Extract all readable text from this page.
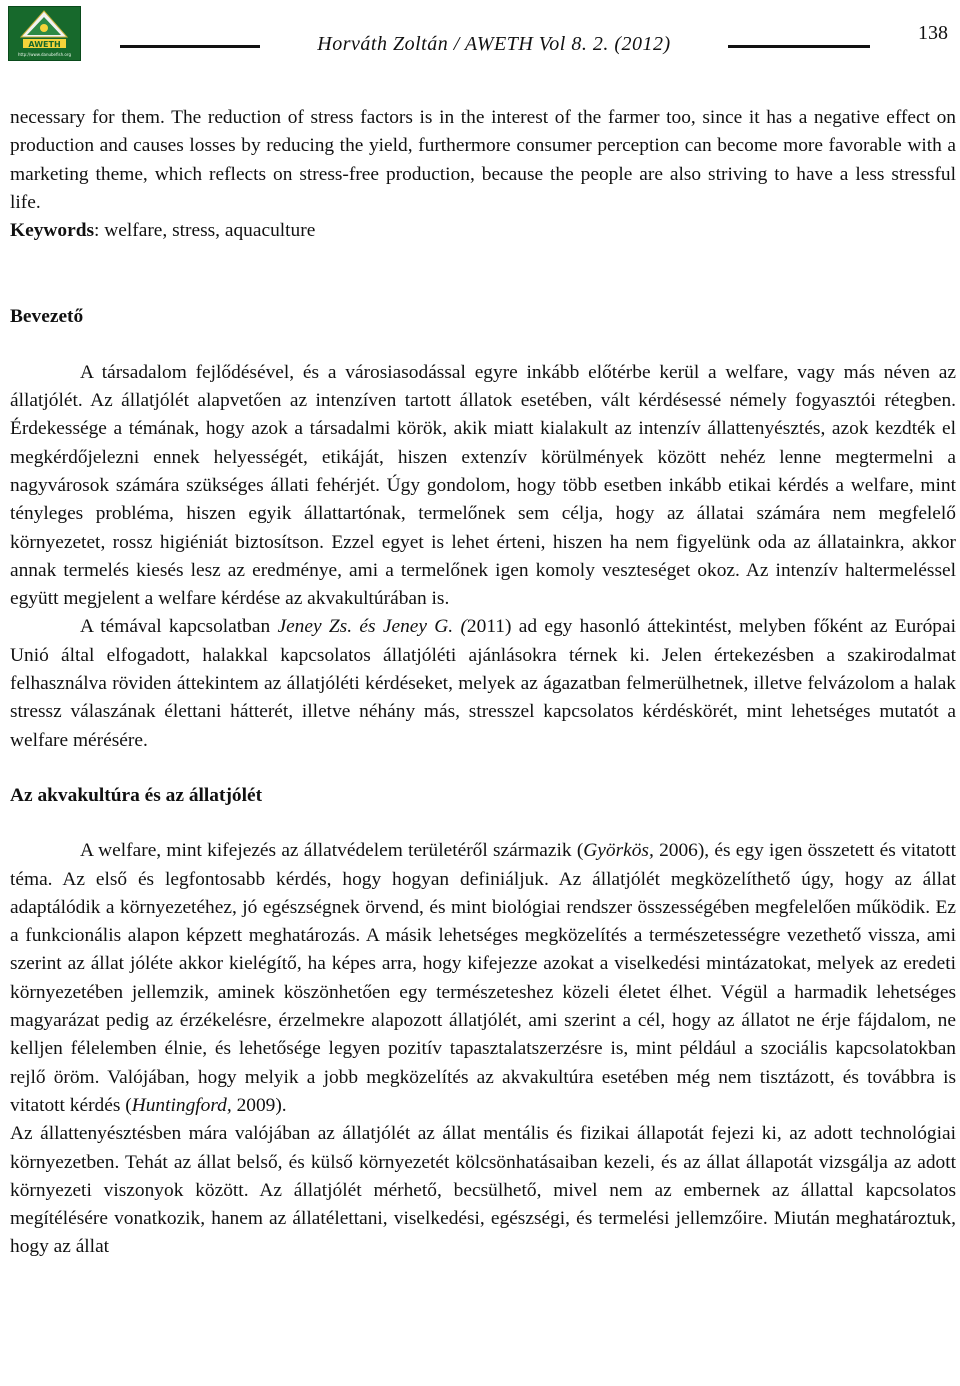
AWETH
http://www.danubefish.org	Horváth Zoltán / AWETH Vol 8. 2. (2012)	138

necessary for them. The reduction of stress factors is in the interest of the farmer too, since it has a negative effect on production and causes losses by reducing the yield, furthermore consumer perception can become more favorable with a marketing theme, which reflects on stress-free production, because the people are also striving to have a less stressful life.

Keywords: welfare, stress, aquaculture

Bevezető

A társadalom fejlődésével, és a városiasodással egyre inkább előtérbe kerül a welfare, vagy más néven az állatjólét. Az állatjólét alapvetően az intenzíven tartott állatok esetében, vált kérdésessé némely fogyasztói rétegben. Érdekessége a témának, hogy azok a társadalmi körök, akik miatt kialakult az intenzív állattenyésztés, azok kezdték el megkérdőjelezni ennek helyességét, etikáját, hiszen extenzív körülmények között nehéz lenne megtermelni a nagyvárosok számára szükséges állati fehérjét. Úgy gondolom, hogy több esetben inkább etikai kérdés a welfare, mint tényleges probléma, hiszen egyik állattartónak, termelőnek sem célja, hogy az állatai számára nem megfelelő környezetet, rossz higiéniát biztosítson. Ezzel egyet is lehet érteni, hiszen ha nem figyelünk oda az állatainkra, akkor annak termelés kiesés lesz az eredménye, ami a termelőnek igen komoly veszteséget okoz. Az intenzív haltermeléssel együtt megjelent a welfare kérdése az akvakultúrában is.

A témával kapcsolatban Jeney Zs. és Jeney G. (2011) ad egy hasonló áttekintést, melyben főként az Európai Unió által elfogadott, halakkal kapcsolatos állatjóléti ajánlásokra térnek ki. Jelen értekezésben a szakirodalmat felhasználva röviden áttekintem az állatjóléti kérdéseket, melyek az ágazatban felmerülhetnek, illetve felvázolom a halak stressz válaszának élettani hátterét, illetve néhány más, stresszel kapcsolatos kérdéskörét, mint lehetséges mutatót a welfare mérésére.

Az akvakultúra és az állatjólét

A welfare, mint kifejezés az állatvédelem területéről származik (Györkös, 2006), és egy igen összetett és vitatott téma. Az első és legfontosabb kérdés, hogy hogyan definiáljuk. Az állatjólét megközelíthető úgy, hogy az állat adaptálódik a környezetéhez, jó egészségnek örvend, és mint biológiai rendszer összességében megfelelően működik. Ez a funkcionális alapon képzett meghatározás. A másik lehetséges megközelítés a természetességre vezethető vissza, ami szerint az állat jóléte akkor kielégítő, ha képes arra, hogy kifejezze azokat a viselkedési mintázatokat, melyek az eredeti környezetében jellemzik, aminek köszönhetően egy természeteshez közeli életet élhet. Végül a harmadik lehetséges magyarázat pedig az érzékelésre, érzelmekre alapozott állatjólét, ami szerint a cél, hogy az állatot ne érje fájdalom, ne kelljen félelemben élnie, és lehetősége legyen pozitív tapasztalatszerzésre is, mint például a szociális kapcsolatokban rejlő öröm. Valójában, hogy melyik a jobb megközelítés az akvakultúra esetében még nem tisztázott, és továbbra is vitatott kérdés (Huntingford, 2009).

Az állattenyésztésben mára valójában az állatjólét az állat mentális és fizikai állapotát fejezi ki, az adott technológiai környezetben. Tehát az állat belső, és külső környezetét kölcsönhatásaiban kezeli, és az állat állapotát vizsgálja az adott környezeti viszonyok között. Az állatjólét mérhető, becsülhető, mivel nem az embernek az állattal kapcsolatos megítélésére vonatkozik, hanem az állatélettani, viselkedési, egészségi, és termelési jellemzőire. Miután meghatároztuk, hogy az állat
